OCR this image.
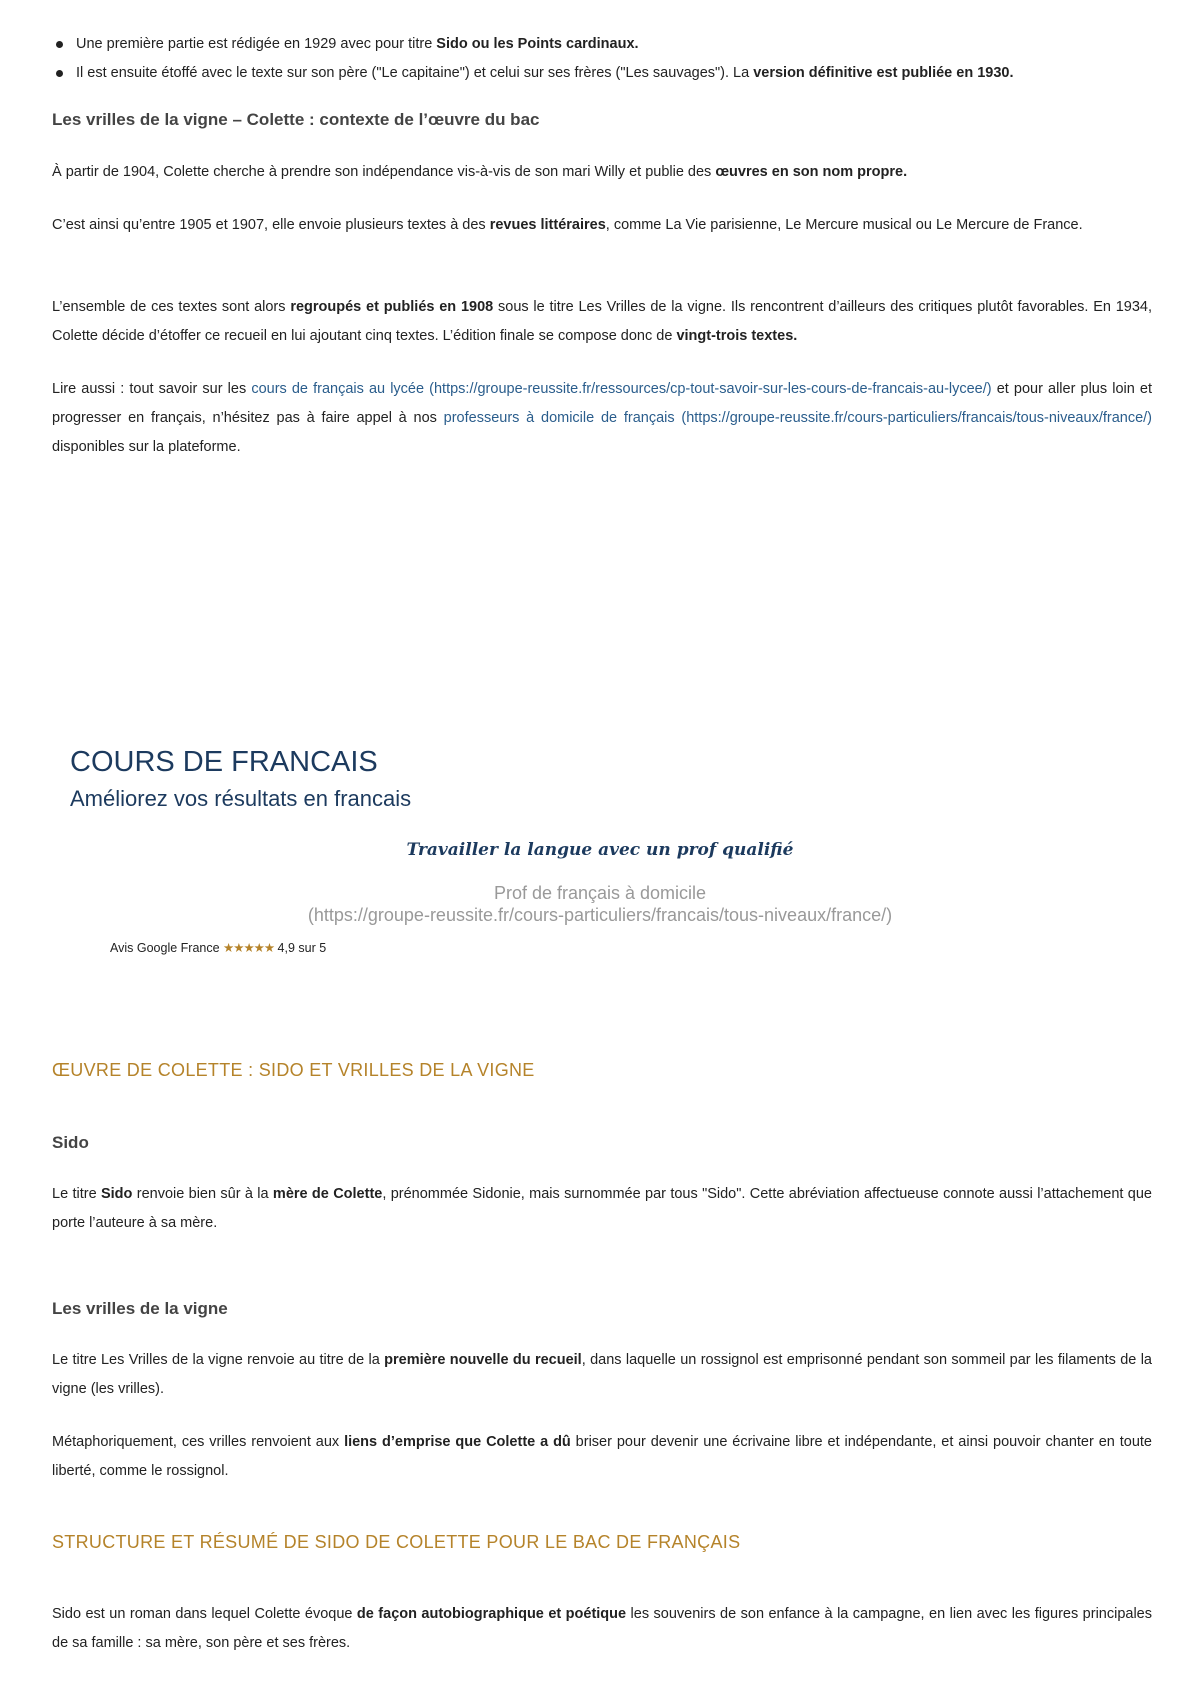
Une première partie est rédigée en 1929 avec pour titre Sido ou les Points cardinaux.
Il est ensuite étoffé avec le texte sur son père ("Le capitaine") et celui sur ses frères ("Les sauvages"). La version définitive est publiée en 1930.
Les vrilles de la vigne – Colette : contexte de l’œuvre du bac

À partir de 1904, Colette cherche à prendre son indépendance vis-à-vis de son mari Willy et publie des œuvres en son nom propre.

C’est ainsi qu’entre 1905 et 1907, elle envoie plusieurs textes à des revues littéraires, comme La Vie parisienne, Le Mercure musical ou Le Mercure de France.

L’ensemble de ces textes sont alors regroupés et publiés en 1908 sous le titre Les Vrilles de la vigne. Ils rencontrent d’ailleurs des critiques plutôt favorables. En 1934, Colette décide d’étoffer ce recueil en lui ajoutant cinq textes. L’édition finale se compose donc de vingt-trois textes.

Lire aussi : tout savoir sur les cours de français au lycée (https://groupe-reussite.fr/ressources/cp-tout-savoir-sur-les-cours-de-francais-au-lycee/) et pour aller plus loin et progresser en français, n’hésitez pas à faire appel à nos professeurs à domicile de français (https://groupe-reussite.fr/cours-particuliers/francais/tous-niveaux/france/) disponibles sur la plateforme.

COURS DE FRANCAIS
Améliorez vos résultats en francais
Travailler la langue avec un prof qualifié
Prof de français à domicile
(https://groupe-reussite.fr/cours-particuliers/francais/tous-niveaux/france/)
Avis Google France ★★★★★ 4,9 sur 5
ŒUVRE DE COLETTE : SIDO ET VRILLES DE LA VIGNE
Sido

Le titre Sido renvoie bien sûr à la mère de Colette, prénommée Sidonie, mais surnommée par tous "Sido". Cette abréviation affectueuse connote aussi l’attachement que porte l’auteure à sa mère.

Les vrilles de la vigne

Le titre Les Vrilles de la vigne renvoie au titre de la première nouvelle du recueil, dans laquelle un rossignol est emprisonné pendant son sommeil par les filaments de la vigne (les vrilles).

Métaphoriquement, ces vrilles renvoient aux liens d’emprise que Colette a dû briser pour devenir une écrivaine libre et indépendante, et ainsi pouvoir chanter en toute liberté, comme le rossignol.

STRUCTURE ET RÉSUMÉ DE SIDO DE COLETTE POUR LE BAC DE FRANÇAIS

Sido est un roman dans lequel Colette évoque de façon autobiographique et poétique les souvenirs de son enfance à la campagne, en lien avec les figures principales de sa famille : sa mère, son père et ses frères.
